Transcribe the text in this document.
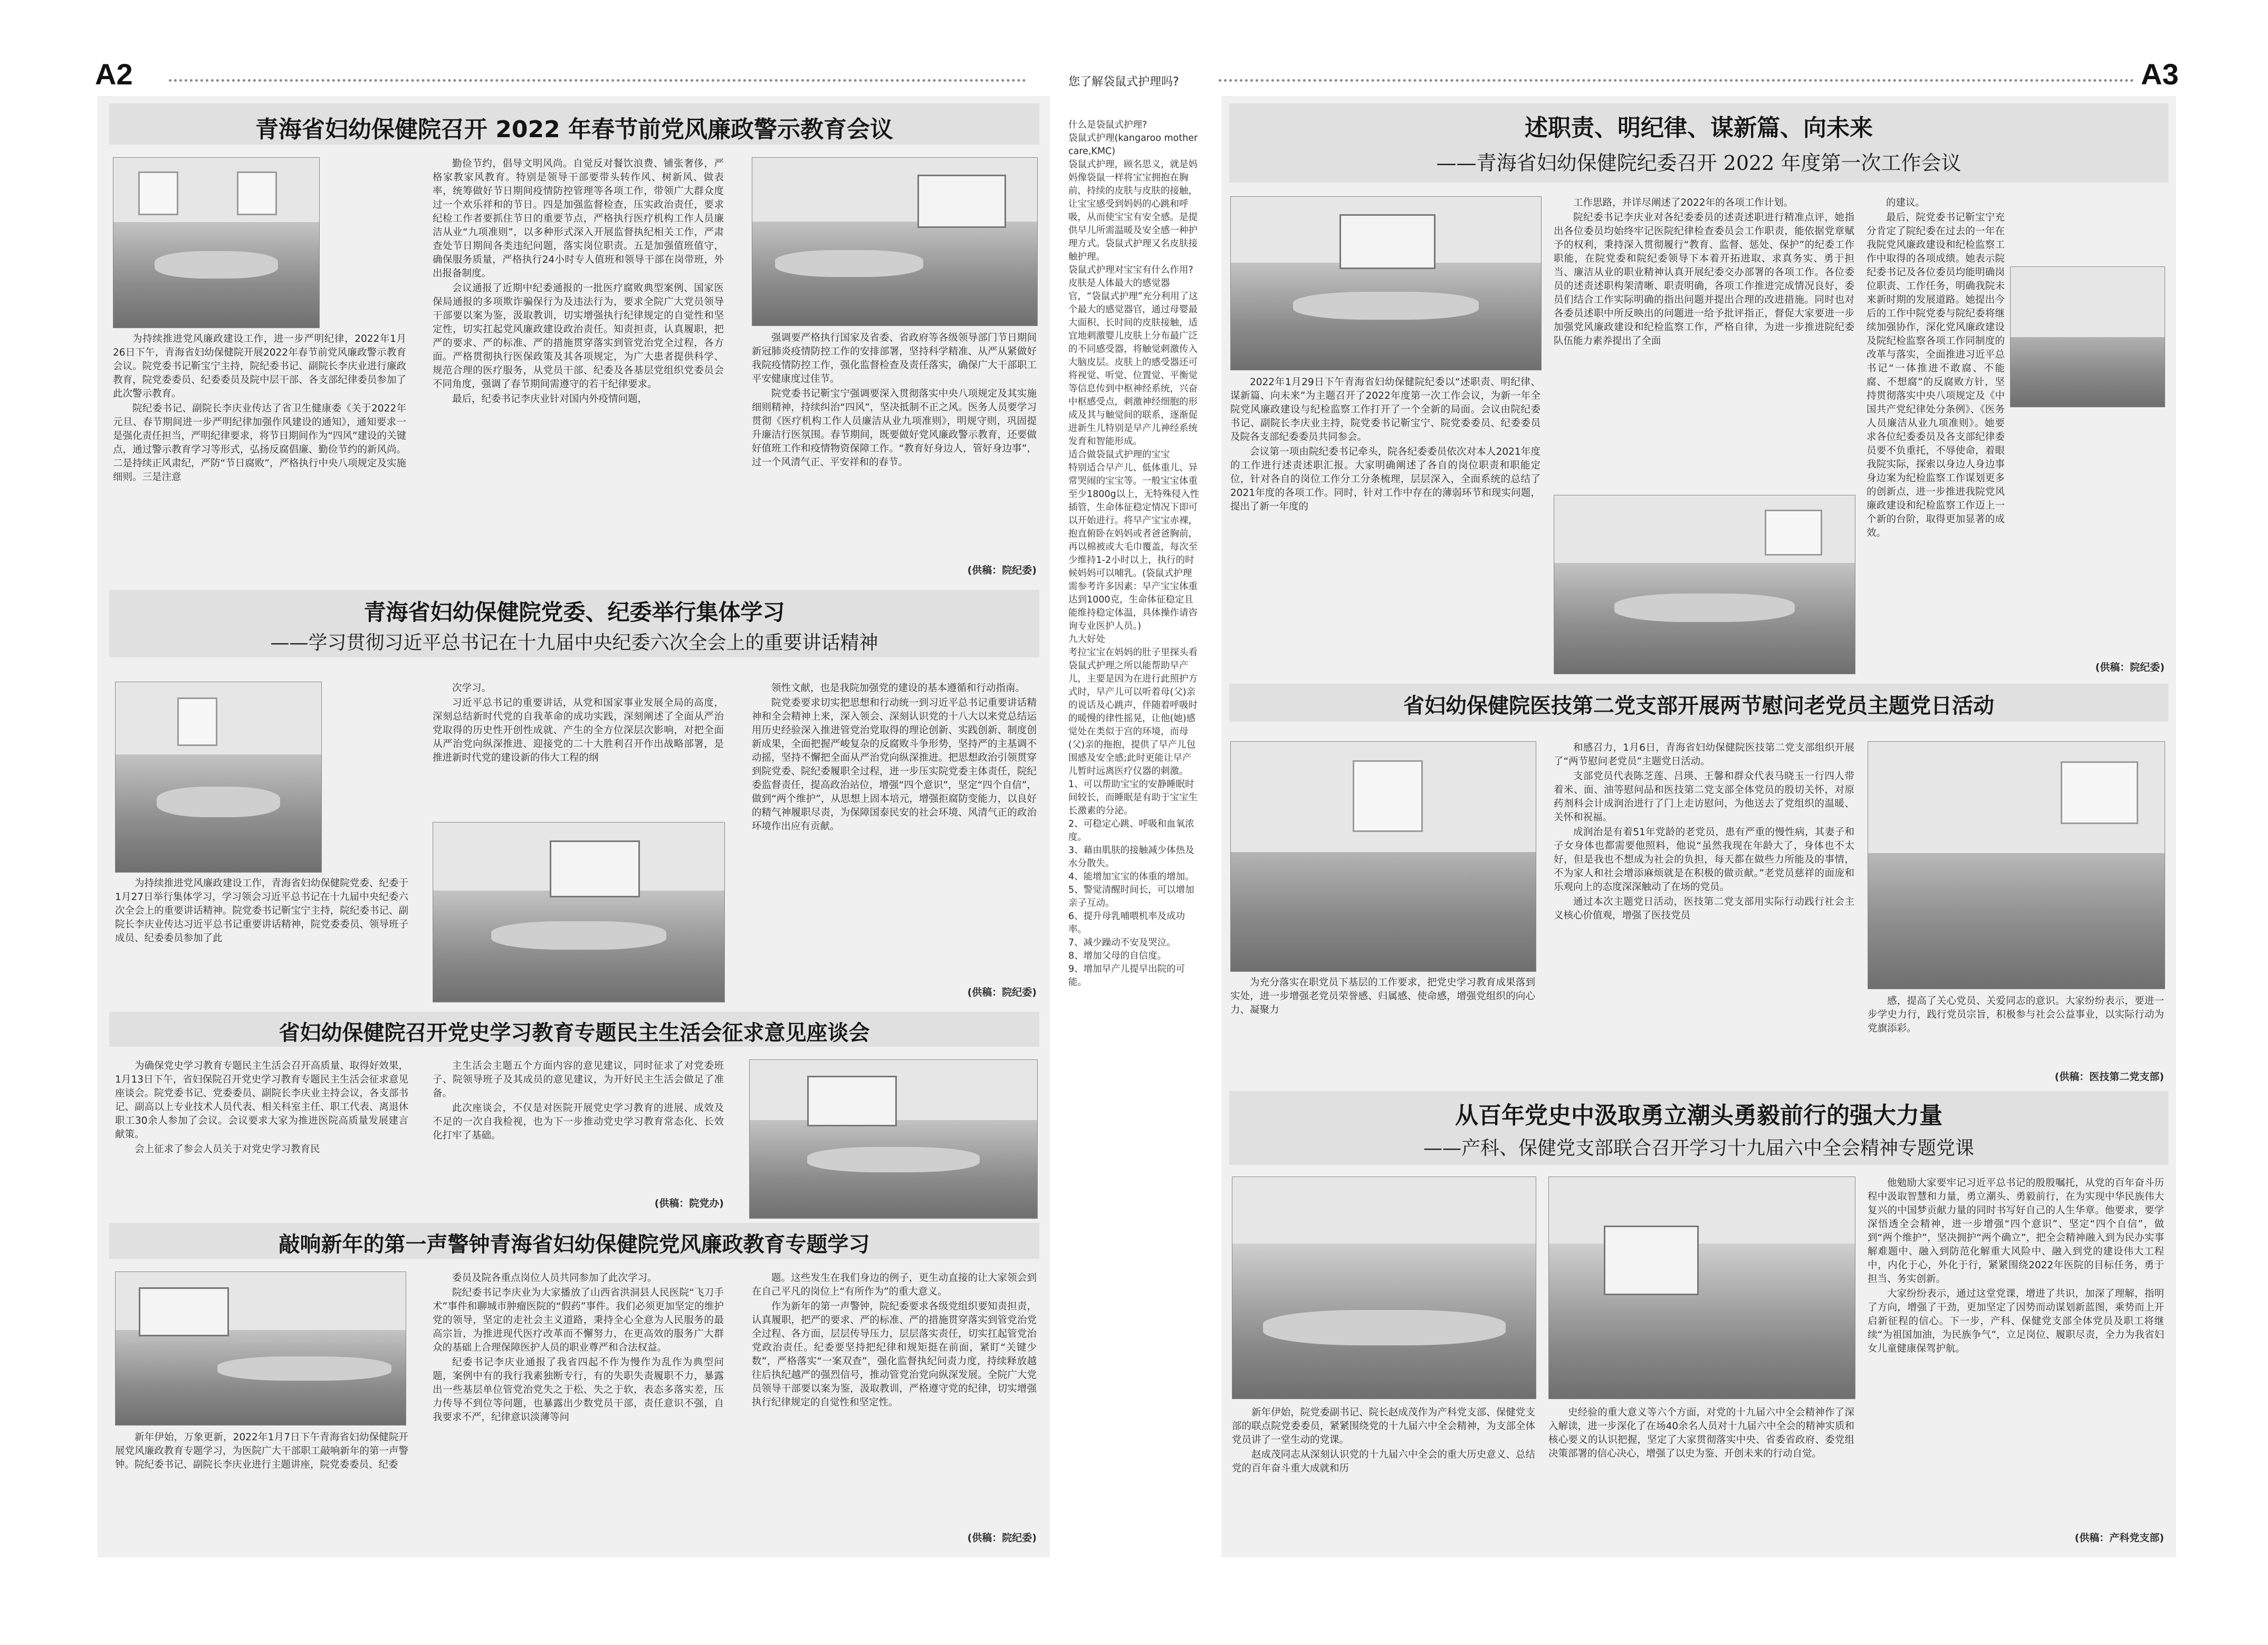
A2	您了解袋鼠式护理吗?	A3
青海省妇幼保健院召开 2022 年春节前党风廉政警示教育会议

为持续推进党风廉政建设工作，进一步严明纪律，2022年1月26日下午，青海省妇幼保健院开展2022年春节前党风廉政警示教育会议。院党委书记靳宝宁主持，院纪委书记、副院长李庆业进行廉政教育，院党委委员、纪委委员及院中层干部、各支部纪律委员参加了此次警示教育。

院纪委书记、副院长李庆业传达了省卫生健康委《关于2022年元旦、春节期间进一步严明纪律加强作风建设的通知》，通知要求一是强化责任担当，严明纪律要求，将节日期间作为“四风”建设的关键点，通过警示教育学习等形式，弘扬反腐倡廉、勤俭节约的新风尚。二是持续正风肃纪，严防“节日腐败”，严格执行中央八项规定及实施细则。三是注意

勤俭节约，倡导文明风尚。自觉反对餐饮浪费、铺张奢侈，严格家教家风教育。特别是领导干部要带头转作风、树新风、做表率，统筹做好节日期间疫情防控管理等各项工作，带领广大群众度过一个欢乐祥和的节日。四是加强监督检查，压实政治责任，要求纪检工作者要抓住节日的重要节点，严格执行医疗机构工作人员廉洁从业“九项准则”，以多种形式深入开展监督执纪相关工作，严肃查处节日期间各类违纪问题，落实岗位职责。五是加强值班值守，确保服务质量，严格执行24小时专人值班和领导干部在岗带班，外出报备制度。

会议通报了近期中纪委通报的一批医疗腐败典型案例、国家医保局通报的多项欺诈骗保行为及违法行为，要求全院广大党员领导干部要以案为鉴，汲取教训，切实增强执行纪律规定的自觉性和坚定性，切实扛起党风廉政建设政治责任。知责担责，认真履职，把严的要求、严的标准、严的措施贯穿落实到管党治党全过程，各方面。严格贯彻执行医保政策及其各项规定，为广大患者提供科学、规范合理的医疗服务，从党员干部、纪委及各基层党组织党委员会不同角度，强调了春节期间需遵守的若干纪律要求。

最后，纪委书记李庆业针对国内外疫情问题，

强调要严格执行国家及省委、省政府等各级领导部门节日期间新冠肺炎疫情防控工作的安排部署，坚持科学精准、从严从紧做好我院疫情防控工作，强化监督检查及责任落实，确保广大干部职工平安健康度过佳节。

院党委书记靳宝宁强调要深入贯彻落实中央八项规定及其实施细则精神，持续纠治“四风”，坚决抵制不正之风。医务人员要学习贯彻《医疗机构工作人员廉洁从业九项准则》，明规守则，巩固提升廉洁行医氛围。春节期间，既要做好党风廉政警示教育，还要做好值班工作和疫情物资保障工作。“教育好身边人，管好身边事”，过一个风清气正、平安祥和的春节。

(供稿：院纪委)
青海省妇幼保健院党委、纪委举行集体学习
——学习贯彻习近平总书记在十九届中央纪委六次全会上的重要讲话精神

为持续推进党风廉政建设工作，青海省妇幼保健院党委、纪委于1月27日举行集体学习，学习领会习近平总书记在十九届中央纪委六次全会上的重要讲话精神。院党委书记靳宝宁主持，院纪委书记、副院长李庆业传达习近平总书记重要讲话精神，院党委委员、领导班子成员、纪委委员参加了此

次学习。

习近平总书记的重要讲话，从党和国家事业发展全局的高度，深刻总结新时代党的自我革命的成功实践，深刻阐述了全面从严治党取得的历史性开创性成就、产生的全方位深层次影响，对把全面从严治党向纵深推进、迎接党的二十大胜利召开作出战略部署，是推进新时代党的建设新的伟大工程的纲

领性文献，也是我院加强党的建设的基本遵循和行动指南。

院党委要求切实把思想和行动统一到习近平总书记重要讲话精神和全会精神上来，深入领会、深刻认识党的十八大以来党总结运用历史经验深入推进管党治党取得的理论创新、实践创新、制度创新成果，全面把握严峻复杂的反腐败斗争形势，坚持严的主基调不动摇，坚持不懈把全面从严治党向纵深推进。把思想政治引领贯穿到院党委、院纪委履职全过程，进一步压实院党委主体责任，院纪委监督责任，提高政治站位，增强“四个意识”，坚定“四个自信”，做到“两个维护”，从思想上固本培元，增强拒腐防变能力，以良好的精气神履职尽责，为保障国泰民安的社会环境、风清气正的政治环境作出应有贡献。

(供稿：院纪委)
省妇幼保健院召开党史学习教育专题民主生活会征求意见座谈会

为确保党史学习教育专题民主生活会召开高质量、取得好效果，1月13日下午，省妇保院召开党史学习教育专题民主生活会征求意见座谈会。院党委书记、党委委员、副院长李庆业主持会议，各支部书记、副高以上专业技术人员代表、相关科室主任、职工代表、离退休职工30余人参加了会议。会议要求大家为推进医院高质量发展建言献策。

会上征求了参会人员关于对党史学习教育民

主生活会主题五个方面内容的意见建议，同时征求了对党委班子、院领导班子及其成员的意见建议，为开好民主生活会做足了准备。

此次座谈会，不仅是对医院开展党史学习教育的进展、成效及不足的一次自我检视，也为下一步推动党史学习教育常态化、长效化打牢了基础。

(供稿：院党办)
敲响新年的第一声警钟青海省妇幼保健院党风廉政教育专题学习

新年伊始，万象更新，2022年1月7日下午青海省妇幼保健院开展党风廉政教育专题学习，为医院广大干部职工敲响新年的第一声警钟。院纪委书记、副院长李庆业进行主题讲座，院党委委员、纪委

委员及院各重点岗位人员共同参加了此次学习。

院纪委书记李庆业为大家播放了山西省洪洞县人民医院“飞刀手术”事件和聊城市肿瘤医院的“假药”事件。我们必须更加坚定的维护党的领导，坚定的走社会主义道路，秉持全心全意为人民服务的最高宗旨，为推进现代医疗改革而不懈努力，在更高效的服务广大群众的基础上合理保障医护人员的职业尊严和合法权益。

纪委书记李庆业通报了我省四起不作为慢作为乱作为典型问题，案例中有的我行我素独断专行，有的失职失责履职不力，暴露出一些基层单位管党治党失之于松、失之于软，表态多落实差，压力传导不到位等问题，也暴露出少数党员干部，责任意识不强，自我要求不严，纪律意识淡薄等问

题。这些发生在我们身边的例子，更生动直接的让大家领会到在自己平凡的岗位上“有所作为”的重大意义。

作为新年的第一声警钟，院纪委要求各级党组织要知责担责，认真履职，把严的要求、严的标准、严的措施贯穿落实到管党治党全过程、各方面，层层传导压力，层层落实责任，切实扛起管党治党政治责任。纪委要坚持把纪律和规矩挺在前面，紧盯“关键少数”，严格落实“一案双查”，强化监督执纪问责力度，持续释放越往后执纪越严的强烈信号，推动管党治党向纵深发展。全院广大党员领导干部要以案为鉴，汲取教训，严格遵守党的纪律，切实增强执行纪律规定的自觉性和坚定性。

(供稿：院纪委)

什么是袋鼠式护理?

袋鼠式护理(kangaroo mother care,KMC)

袋鼠式护理，顾名思义，就是妈妈像袋鼠一样将宝宝拥抱在胸前，持续的皮肤与皮肤的接触，让宝宝感受到妈妈的心跳和呼吸，从而使宝宝有安全感。是提供早儿所需温暖及安全感一种护理方式。袋鼠式护理又名皮肤接触护理。

袋鼠式护理对宝宝有什么作用?

皮肤是人体最大的感觉器官，“袋鼠式护理”充分利用了这个最大的感觉器官，通过母婴最大面积、长时间的皮肤接触，适宜地刺激婴儿皮肤上分布最广泛的不同感受器，将触觉刺激传入大脑皮层。皮肤上的感受器还可将视觉、听觉、位置觉、平衡觉等信息传到中枢神经系统，兴奋中枢感受点，刺激神经细胞的形成及其与触觉间的联系，逐渐促进新生儿特别是早产儿神经系统发育和智能形成。

适合做袋鼠式护理的宝宝

特别适合早产儿、低体重儿、异常哭闹的宝宝等。一般宝宝体重至少1800g以上，无特殊侵入性插管，生命体征稳定情况下即可以开始进行。将早产宝宝赤裸，抱直俯卧在妈妈或者爸爸胸前，再以棉被或大毛巾覆盖，每次至少维持1-2小时以上，执行的时候妈妈可以哺乳。(袋鼠式护理需参考许多因素：早产宝宝体重达到1000克，生命体征稳定且能维持稳定体温，具体操作请咨询专业医护人员。)

九大好处

考拉宝宝在妈妈的肚子里探头看袋鼠式护理之所以能帮助早产儿，主要是因为在进行此照护方式时，早产儿可以听着母(父)亲的说话及心跳声，伴随着呼吸时的暖慢的律性摇晃，让他(她)感觉处在类似于宫的环境，而母(父)亲的拖抱，提供了早产儿包围感及安全感;此时更能让早产儿暂时远离医疗仪器的刺激。

1、可以帮助宝宝的安静睡眠时间较长，而睡眠是有助于宝宝生长激素的分泌。

2、可稳定心跳、呼吸和血氧浓度。

3、藉由肌肤的接触减少体热及水分散失。

4、能增加宝宝的体重的增加。

5、警觉清醒时间长，可以增加亲子互动。

6、提升母乳哺喂机率及成功率。

7、减少躁动不安及哭泣。

8、增加父母的自信度。

9、增加早产儿提早出院的可能。

述职责、明纪律、谋新篇、向未来
——青海省妇幼保健院纪委召开 2022 年度第一次工作会议

2022年1月29日下午青海省妇幼保健院纪委以“述职责、明纪律、谋新篇、向未来”为主题召开了2022年度第一次工作会议，为新一年全院党风廉政建设与纪检监察工作打开了一个全新的局面。会议由院纪委书记、副院长李庆业主持，院党委书记靳宝宁、院党委委员、纪委委员及院各支部纪委委员共同参会。

会议第一项由院纪委书记牵头，院各纪委委员依次对本人2021年度的工作进行述责述职汇报。大家明确阐述了各自的岗位职责和职能定位，针对各自的岗位工作分工分条梳理，层层深入，全面系统的总结了2021年度的各项工作。同时，针对工作中存在的薄弱环节和现实问题，提出了新一年度的

工作思路，并详尽阐述了2022年的各项工作计划。

院纪委书记李庆业对各纪委委员的述责述职进行精准点评，她指出各位委员均始终牢记医院纪律检查委员会工作职责，能依据党章赋予的权利，秉持深入贯彻履行“教育、监督、惩处、保护”的纪委工作职能，在院党委和院纪委领导下本着开拓进取、求真务实、勇于担当、廉洁从业的职业精神认真开展纪委交办部署的各项工作。各位委员的述责述职构架清晰、职责明确，各项工作推进完成情况良好，委员们结合工作实际明确的指出问题并提出合理的改进措施。同时也对各委员述职中所反映出的问题进一给予批评指正，督促大家要进一步加强党风廉政建设和纪检监察工作，严格自律，为进一步推进院纪委队伍能力素养提出了全面

的建议。

最后，院党委书记靳宝宁充分肯定了院纪委在过去的一年在我院党风廉政建设和纪检监察工作中取得的各项成绩。她表示院纪委书记及各位委员均能明确岗位职责、工作任务，明确我院未来新时期的发展道路。她提出今后的工作中院党委与院纪委将继续加强协作，深化党风廉政建设及院纪检监察各项工作同制度的改革与落实，全面推进习近平总书记“一体推进不敢腐、不能腐、不想腐”的反腐败方针，坚持贯彻落实中央八项规定及《中国共产党纪律处分条例》、《医务人员廉洁从业九项准则》。她要求各位纪委委员及各支部纪律委员要不负重托，不辱使命，着眼我院实际，探索以身边人身边事身边案为纪检监察工作谋划更多的创新点，进一步推进我院党风廉政建设和纪检监察工作迈上一个新的台阶，取得更加显著的成效。

(供稿：院纪委)
省妇幼保健院医技第二党支部开展两节慰问老党员主题党日活动

为充分落实在职党员下基层的工作要求，把党史学习教育成果落到实处，进一步增强老党员荣誉感、归属感、使命感，增强党组织的向心力、凝聚力

和感召力，1月6日，青海省妇幼保健院医技第二党支部组织开展了“两节慰问老党员”主题党日活动。

支部党员代表陈芝莲、吕瑛、王馨和群众代表马晓玉一行四人带着米、面、油等慰问品和医技第二党支部全体党员的殷切关怀，对原药剂科会计成润治进行了门上走访慰问，为他送去了党组织的温暖、关怀和祝福。

成润治是有着51年党龄的老党员，患有严重的慢性病，其妻子和子女身体也都需要他照料，他说“虽然我现在年龄大了，身体也不太好，但是我也不想成为社会的负担，每天都在做些力所能及的事情，不为家人和社会增添麻烦就是在积极的做贡献。”老党员慈祥的面庞和乐观向上的态度深深触动了在场的党员。

通过本次主题党日活动，医技第二党支部用实际行动践行社会主义核心价值观，增强了医技党员

感，提高了关心党员、关爱同志的意识。大家纷纷表示，要进一步学史力行，践行党员宗旨，积极参与社会公益事业，以实际行动为党旗添彩。

(供稿：医技第二党支部)
从百年党史中汲取勇立潮头勇毅前行的强大力量
——产科、保健党支部联合召开学习十九届六中全会精神专题党课

新年伊始，院党委副书记、院长赵成茂作为产科党支部、保健党支部的联点院党委委员，紧紧围绕党的十九届六中全会精神，为支部全体党员讲了一堂生动的党课。

赵成茂同志从深刻认识党的十九届六中全会的重大历史意义、总结党的百年奋斗重大成就和历

史经验的重大意义等六个方面，对党的十九届六中全会精神作了深入解读，进一步深化了在场40余名人员对十九届六中全会的精神实质和核心要义的认识把握，坚定了大家贯彻落实中央、省委省政府、委党组决策部署的信心决心，增强了以史为鉴、开创未来的行动自觉。

他勉励大家要牢记习近平总书记的殷殷嘱托，从党的百年奋斗历程中汲取智慧和力量，勇立潮头、勇毅前行，在为实现中华民族伟大复兴的中国梦贡献力量的同时书写好自己的人生华章。他要求，要学深悟透全会精神，进一步增强“四个意识”、坚定“四个自信”，做到“两个维护”，坚决拥护“两个确立”，把全会精神融入到为民办实事解难题中、融入到防范化解重大风险中、融入到党的建设伟大工程中，内化于心，外化于行，紧紧围绕2022年医院的目标任务，勇于担当、务实创新。

大家纷纷表示，通过这堂党课，增进了共识，加深了理解，指明了方向，增强了干劲，更加坚定了因势而动谋划新蓝图，乘势而上开启新征程的信心。下一步，产科、保健党支部全体党员及职工将继续“为祖国加油，为民族争气”，立足岗位、履职尽责，全力为我省妇女儿童健康保驾护航。

(供稿：产科党支部)
